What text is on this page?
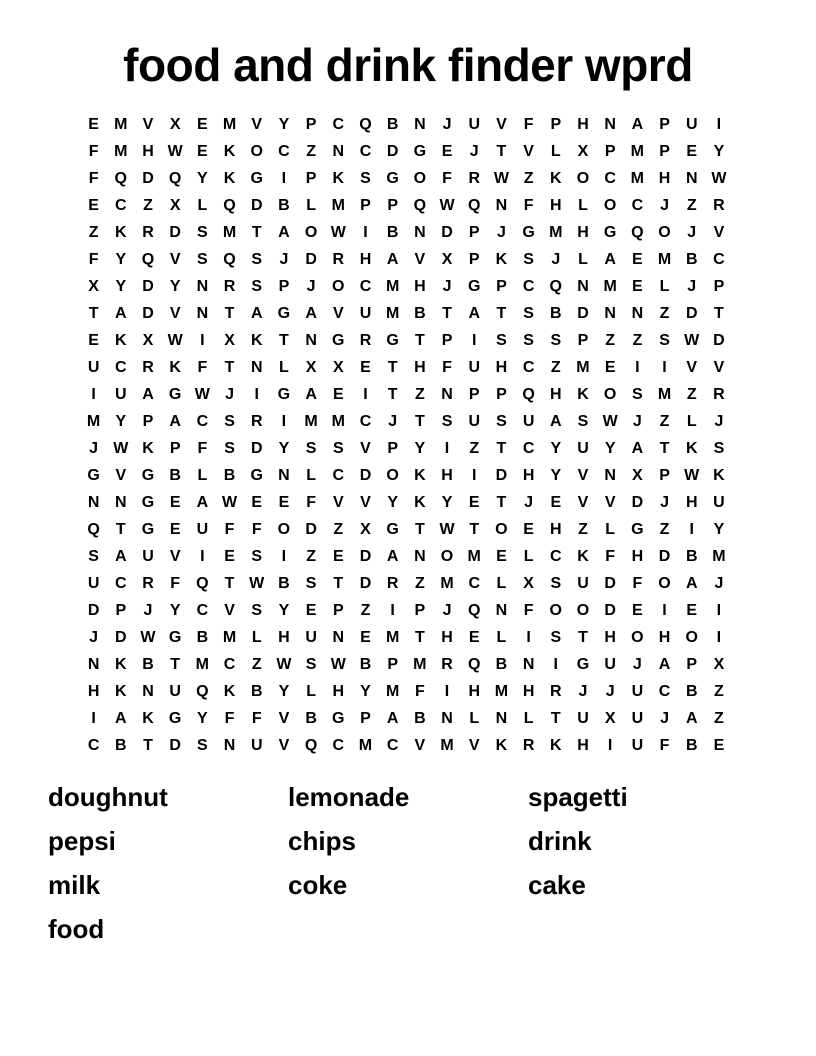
food and drink finder wprd
E M V	X	E M V	Y	P	C Q B N	J	U	V	F	P	H N A	P	U	I
F M H W E	K O C	Z	N C D G E	J	T	V	L	X	P M P	E	Y
F	Q D Q Y	K G	I	P	K	S G O	F	R W Z	K O C M H N W
E	C	Z	X	L	Q D B	L M P	P Q W Q N	F	H	L	O C	J	Z	R
Z	K R D	S M T	A O W	I	B N D	P	J	G M H G Q O	J	V
F	Y Q V	S Q S	J	D R H A	V	X	P	K	S	J	L	A	E M B C
X	Y	D	Y	N R	S	P	J	O C M H	J	G P	C Q N M E	L	J	P
T	A D	V	N	T	A G A	V	U M B	T	A	T	S	B D N N	Z	D	T
E	K	X W	I	X	K	T	N G R G	T	P	I	S	S	S	P	Z	Z	S W D
U C R K	F	T	N	L	X	X	E	T	H	F	U H C	Z M E	I	I	V	V
I	U A G W J	I	G A	E	I	T	Z	N	P	P Q H K O S M Z	R
M Y	P	A C	S	R	I	M M C	J	T	S	U	S	U A	S W J	Z	L	J
J W K	P	F	S	D	Y	S	S	V	P	Y	I	Z	T	C	Y	U	Y	A	T	K	S
G V G B	L	B G N	L	C D O K H	I	D H	Y	V	N	X	P W K
N N G E	A W E	E	F	V	V	Y	K	Y	E	T	J	E	V	V	D	J	H U
Q	T	G E	U	F	F	O D	Z	X G	T W T	O E	H	Z	L	G	Z	I	Y
S	A U	V	I	E	S	I	Z	E	D A N O M E	L	C K	F	H D B M
U C R	F	Q	T W B	S	T	D R	Z M C	L	X	S	U D	F	O A	J
D	P	J	Y	C	V	S	Y	E	P	Z	I	P	J	Q N	F	O O D	E	I	E	I
J	D W G B M L	H U N	E M T	H	E	L	I	S	T	H O H O	I
N K B	T M C	Z W S W B	P M R Q B N	I	G U	J	A	P	X
H K N U Q K B	Y	L	H	Y M F	I	H M H R	J	J	U C B	Z
I	A K G Y	F	F	V	B G P	A B N	L	N	L	T	U	X	U	J	A	Z
C B	T	D	S	N U	V Q C M C	V M V	K R K H	I	U	F	B	E
doughnut
pepsi
milk
food
lemonade
chips
coke
spagetti
drink
cake
